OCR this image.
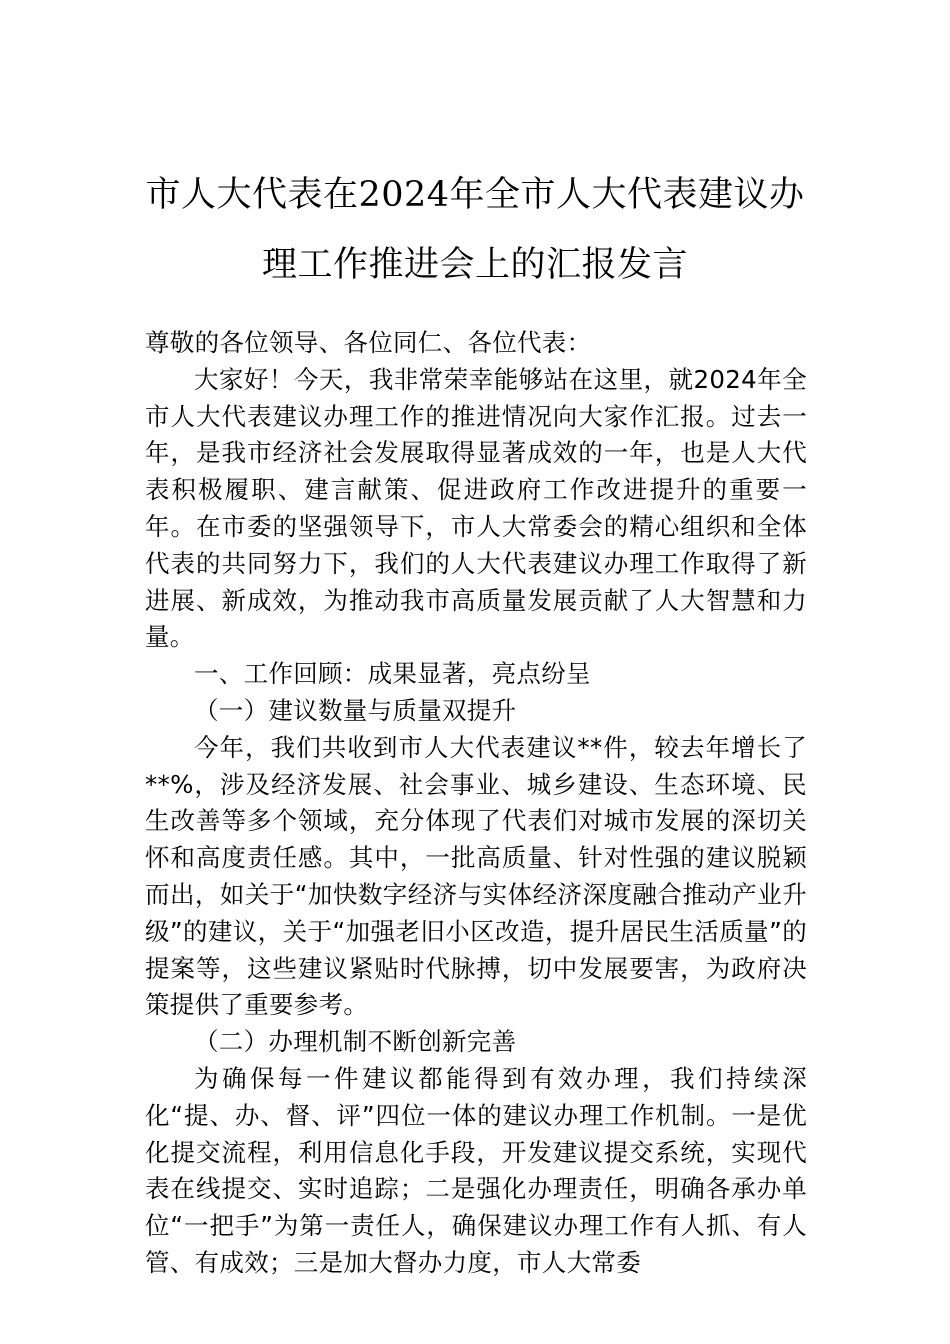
市人大代表在2024年全市人大代表建议办
理工作推进会上的汇报发言

尊敬的各位领导、各位同仁、各位代表：

大家好！今天，我非常荣幸能够站在这里，就2024年全市人大代表建议办理工作的推进情况向大家作汇报。过去一年，是我市经济社会发展取得显著成效的一年，也是人大代表积极履职、建言献策、促进政府工作改进提升的重要一年。在市委的坚强领导下，市人大常委会的精心组织和全体代表的共同努力下，我们的人大代表建议办理工作取得了新进展、新成效，为推动我市高质量发展贡献了人大智慧和力量。

一、工作回顾：成果显著，亮点纷呈

（一）建议数量与质量双提升

今年，我们共收到市人大代表建议**件，较去年增长了**%，涉及经济发展、社会事业、城乡建设、生态环境、民生改善等多个领域，充分体现了代表们对城市发展的深切关怀和高度责任感。其中，一批高质量、针对性强的建议脱颖而出，如关于“加快数字经济与实体经济深度融合推动产业升级”的建议，关于“加强老旧小区改造，提升居民生活质量”的提案等，这些建议紧贴时代脉搏，切中发展要害，为政府决策提供了重要参考。

（二）办理机制不断创新完善

为确保每一件建议都能得到有效办理，我们持续深化“提、办、督、评”四位一体的建议办理工作机制。一是优化提交流程，利用信息化手段，开发建议提交系统，实现代表在线提交、实时追踪；二是强化办理责任，明确各承办单位“一把手”为第一责任人，确保建议办理工作有人抓、有人管、有成效；三是加大督办力度，市人大常委
